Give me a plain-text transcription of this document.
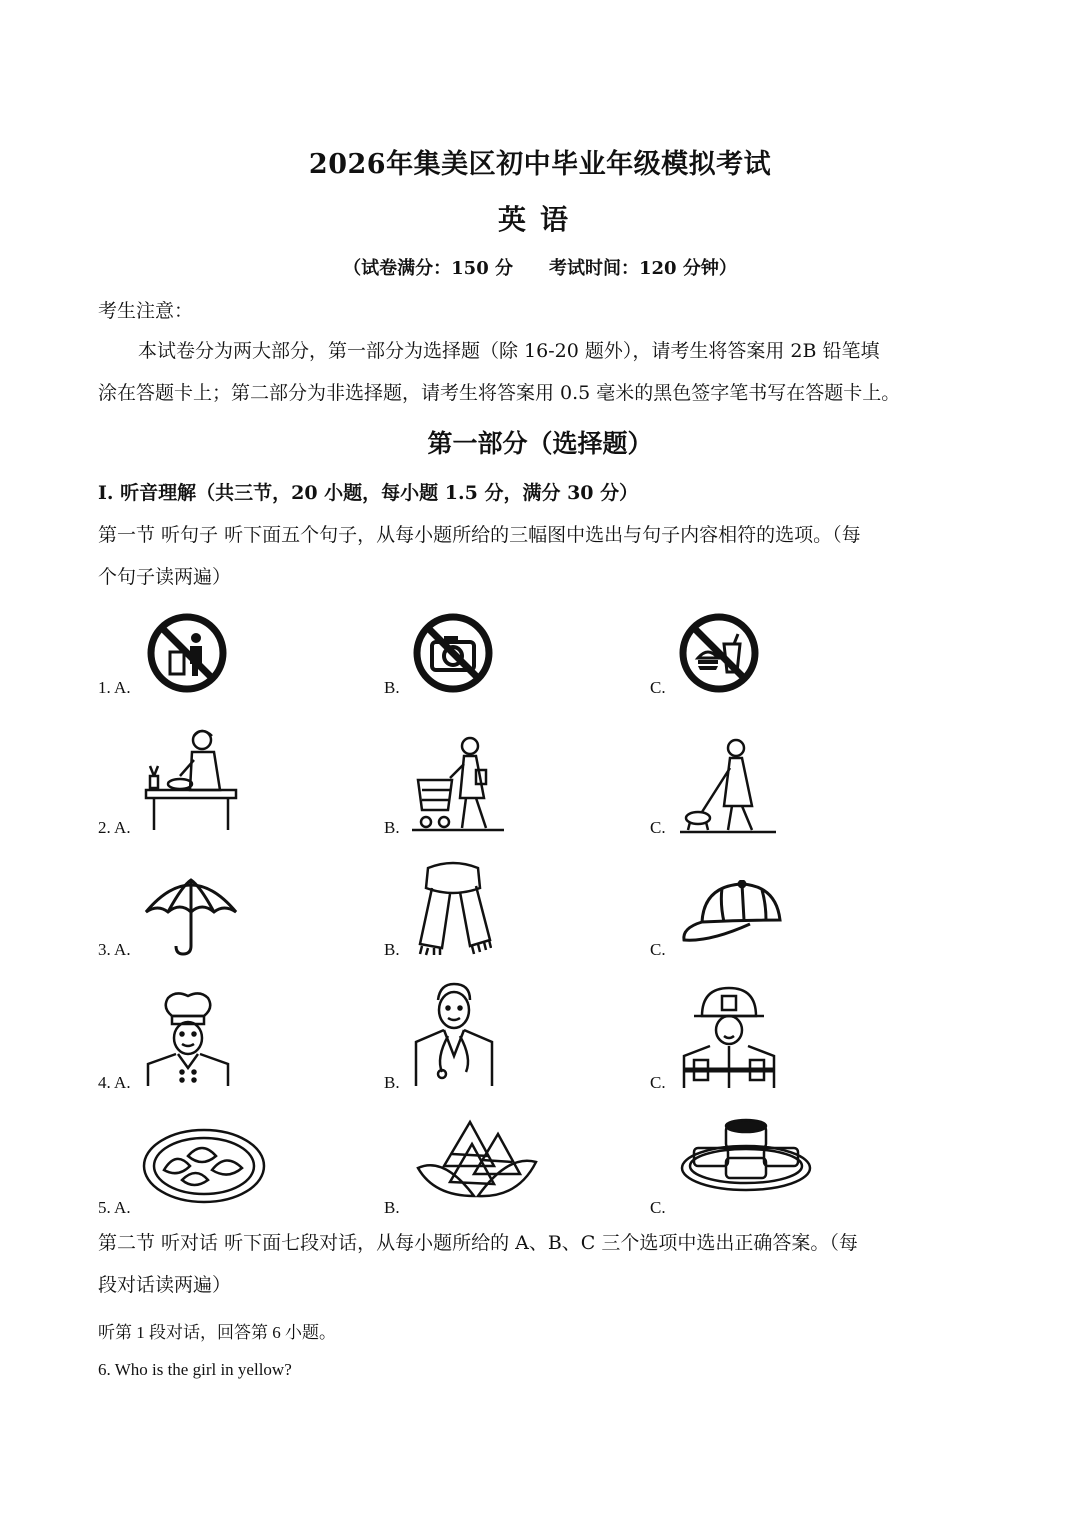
2026年集美区初中毕业年级模拟考试
英语
（试卷满分：150 分 考试时间：120 分钟）
考生注意：
本试卷分为两大部分，第一部分为选择题（除 16-20 题外），请考生将答案用 2B 铅笔填
涂在答题卡上；第二部分为非选择题，请考生将答案用 0.5 毫米的黑色签字笔书写在答题卡上。
第一部分（选择题）
Ⅰ. 听音理解（共三节，20 小题，每小题 1.5 分，满分 30 分）
第一节 听句子 听下面五个句子，从每小题所给的三幅图中选出与句子内容相符的选项。（每
个句子读两遍）
1. A.	B.	C.
2. A.	B.	C.
3. A.	B.	C.
4. A.	B.	C.
5. A.	B.	C.
第二节 听对话 听下面七段对话，从每小题所给的 A、B、C 三个选项中选出正确答案。（每
段对话读两遍）
听第 1 段对话，回答第 6 小题。
6. Who is the girl in yellow?
